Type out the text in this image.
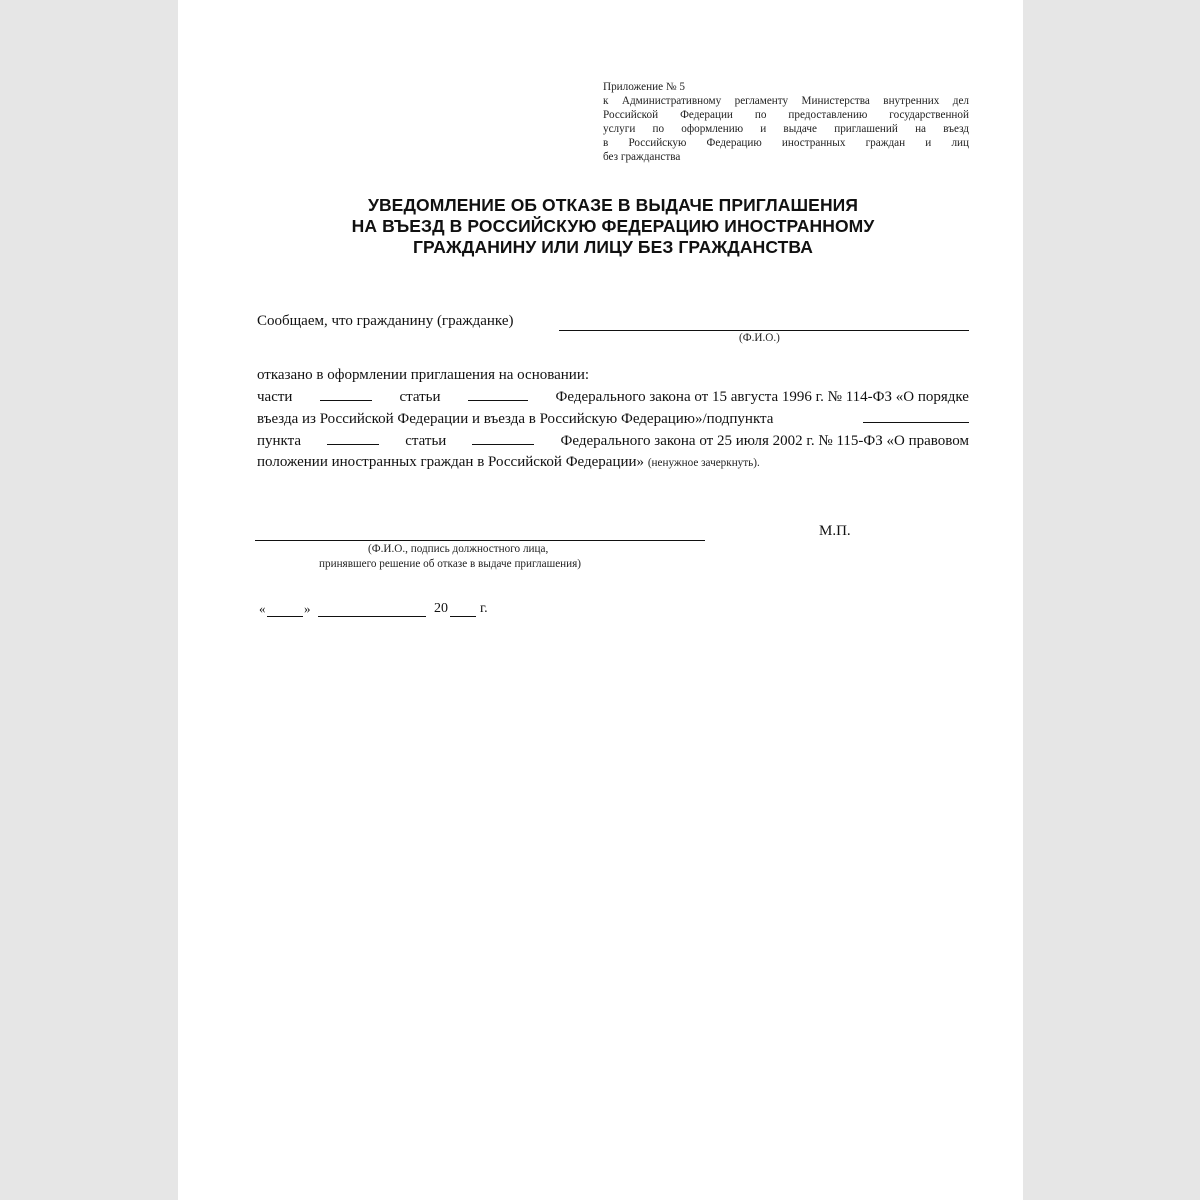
Приложение № 5
к Административному регламенту Министерства внутренних дел
Российской Федерации по предоставлению государственной
услуги по оформлению и выдаче приглашений на въезд
в Российскую Федерацию иностранных граждан и лиц
без гражданства
УВЕДОМЛЕНИЕ ОБ ОТКАЗЕ В ВЫДАЧЕ ПРИГЛАШЕНИЯ
НА ВЪЕЗД В РОССИЙСКУЮ ФЕДЕРАЦИЮ ИНОСТРАННОМУ
ГРАЖДАНИНУ ИЛИ ЛИЦУ БЕЗ ГРАЖДАНСТВА
Сообщаем, что гражданину (гражданке)
(Ф.И.О.)
отказано в оформлении приглашения на основании:
части	статьи	Федерального закона от 15 августа 1996 г. № 114-ФЗ «О порядке
въезда из Российской Федерации и въезда в Российскую Федерацию»/подпункта
пункта	статьи	Федерального закона от 25 июля 2002 г. № 115-ФЗ «О правовом
положении иностранных граждан в Российской Федерации» (ненужное зачеркнуть).
М.П.
(Ф.И.О., подпись должностного лица,
принявшего решение об отказе в выдаче приглашения)
«	»	20 г.
